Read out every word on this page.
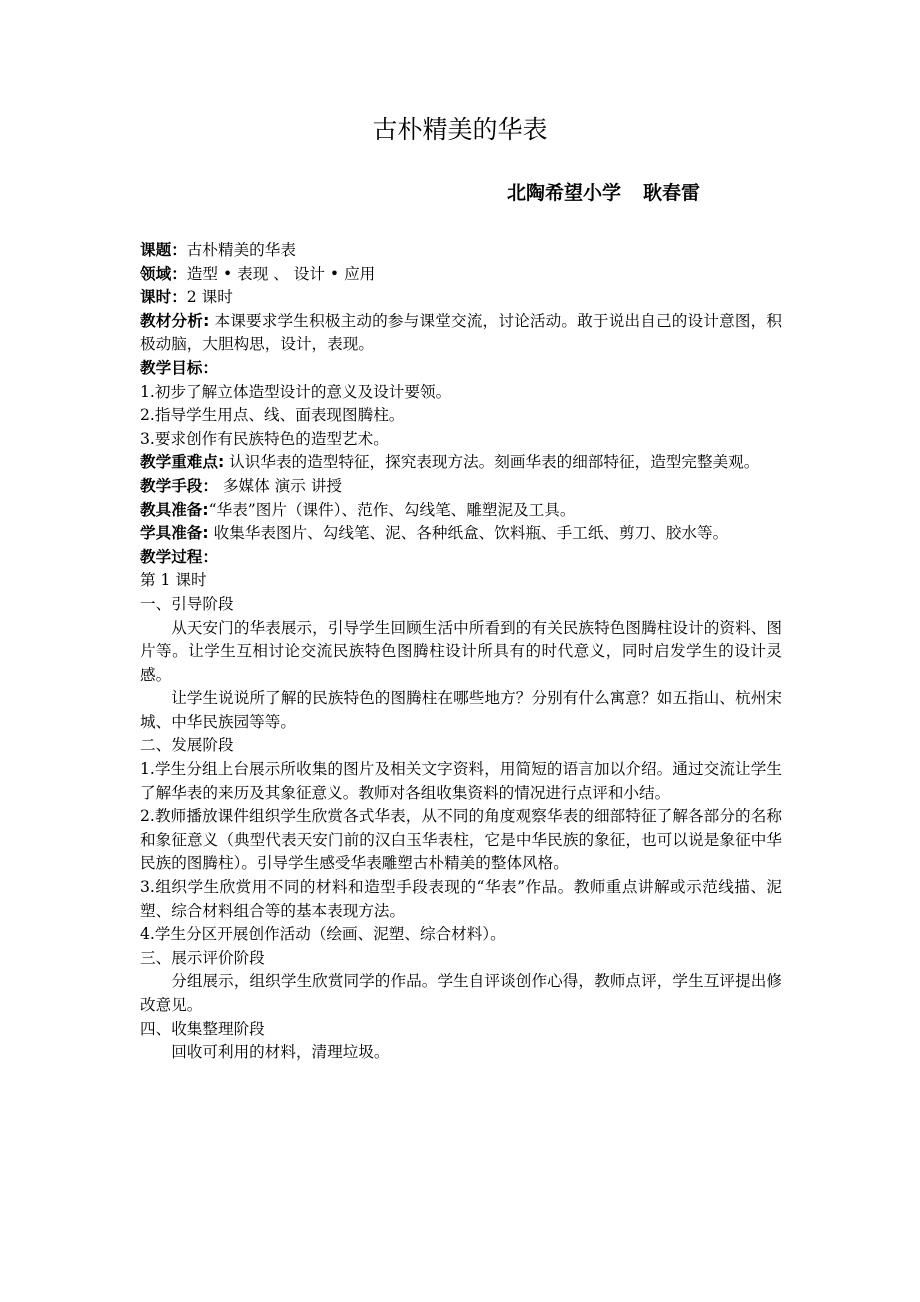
古朴精美的华表
北陶希望小学 耿春雷

课题：古朴精美的华表

领域：造型 • 表现 、 设计 • 应用

课时：2 课时

教材分析: 本课要求学生积极主动的参与课堂交流，讨论活动。敢于说出自己的设计意图，积极动脑，大胆构思，设计，表现。

教学目标：

1.初步了解立体造型设计的意义及设计要领。

2.指导学生用点、线、面表现图腾柱。

3.要求创作有民族特色的造型艺术。

教学重难点: 认识华表的造型特征，探究表现方法。刻画华表的细部特征，造型完整美观。

教学手段： 多媒体 演示 讲授

教具准备:“华表”图片（课件）、范作、勾线笔、雕塑泥及工具。

学具准备: 收集华表图片、勾线笔、泥、各种纸盒、饮料瓶、手工纸、剪刀、胶水等。

教学过程：

第 1 课时

一、引导阶段

从天安门的华表展示，引导学生回顾生活中所看到的有关民族特色图腾柱设计的资料、图片等。让学生互相讨论交流民族特色图腾柱设计所具有的时代意义，同时启发学生的设计灵感。

让学生说说所了解的民族特色的图腾柱在哪些地方？分别有什么寓意？如五指山、杭州宋城、中华民族园等等。

二、发展阶段

1.学生分组上台展示所收集的图片及相关文字资料，用简短的语言加以介绍。通过交流让学生了解华表的来历及其象征意义。教师对各组收集资料的情况进行点评和小结。

2.教师播放课件组织学生欣赏各式华表，从不同的角度观察华表的细部特征了解各部分的名称和象征意义（典型代表天安门前的汉白玉华表柱，它是中华民族的象征，也可以说是象征中华民族的图腾柱）。引导学生感受华表雕塑古朴精美的整体风格。

3.组织学生欣赏用不同的材料和造型手段表现的“华表”作品。教师重点讲解或示范线描、泥塑、综合材料组合等的基本表现方法。

4.学生分区开展创作活动（绘画、泥塑、综合材料）。

三、展示评价阶段

分组展示，组织学生欣赏同学的作品。学生自评谈创作心得，教师点评，学生互评提出修改意见。

四、收集整理阶段

回收可利用的材料，清理垃圾。
